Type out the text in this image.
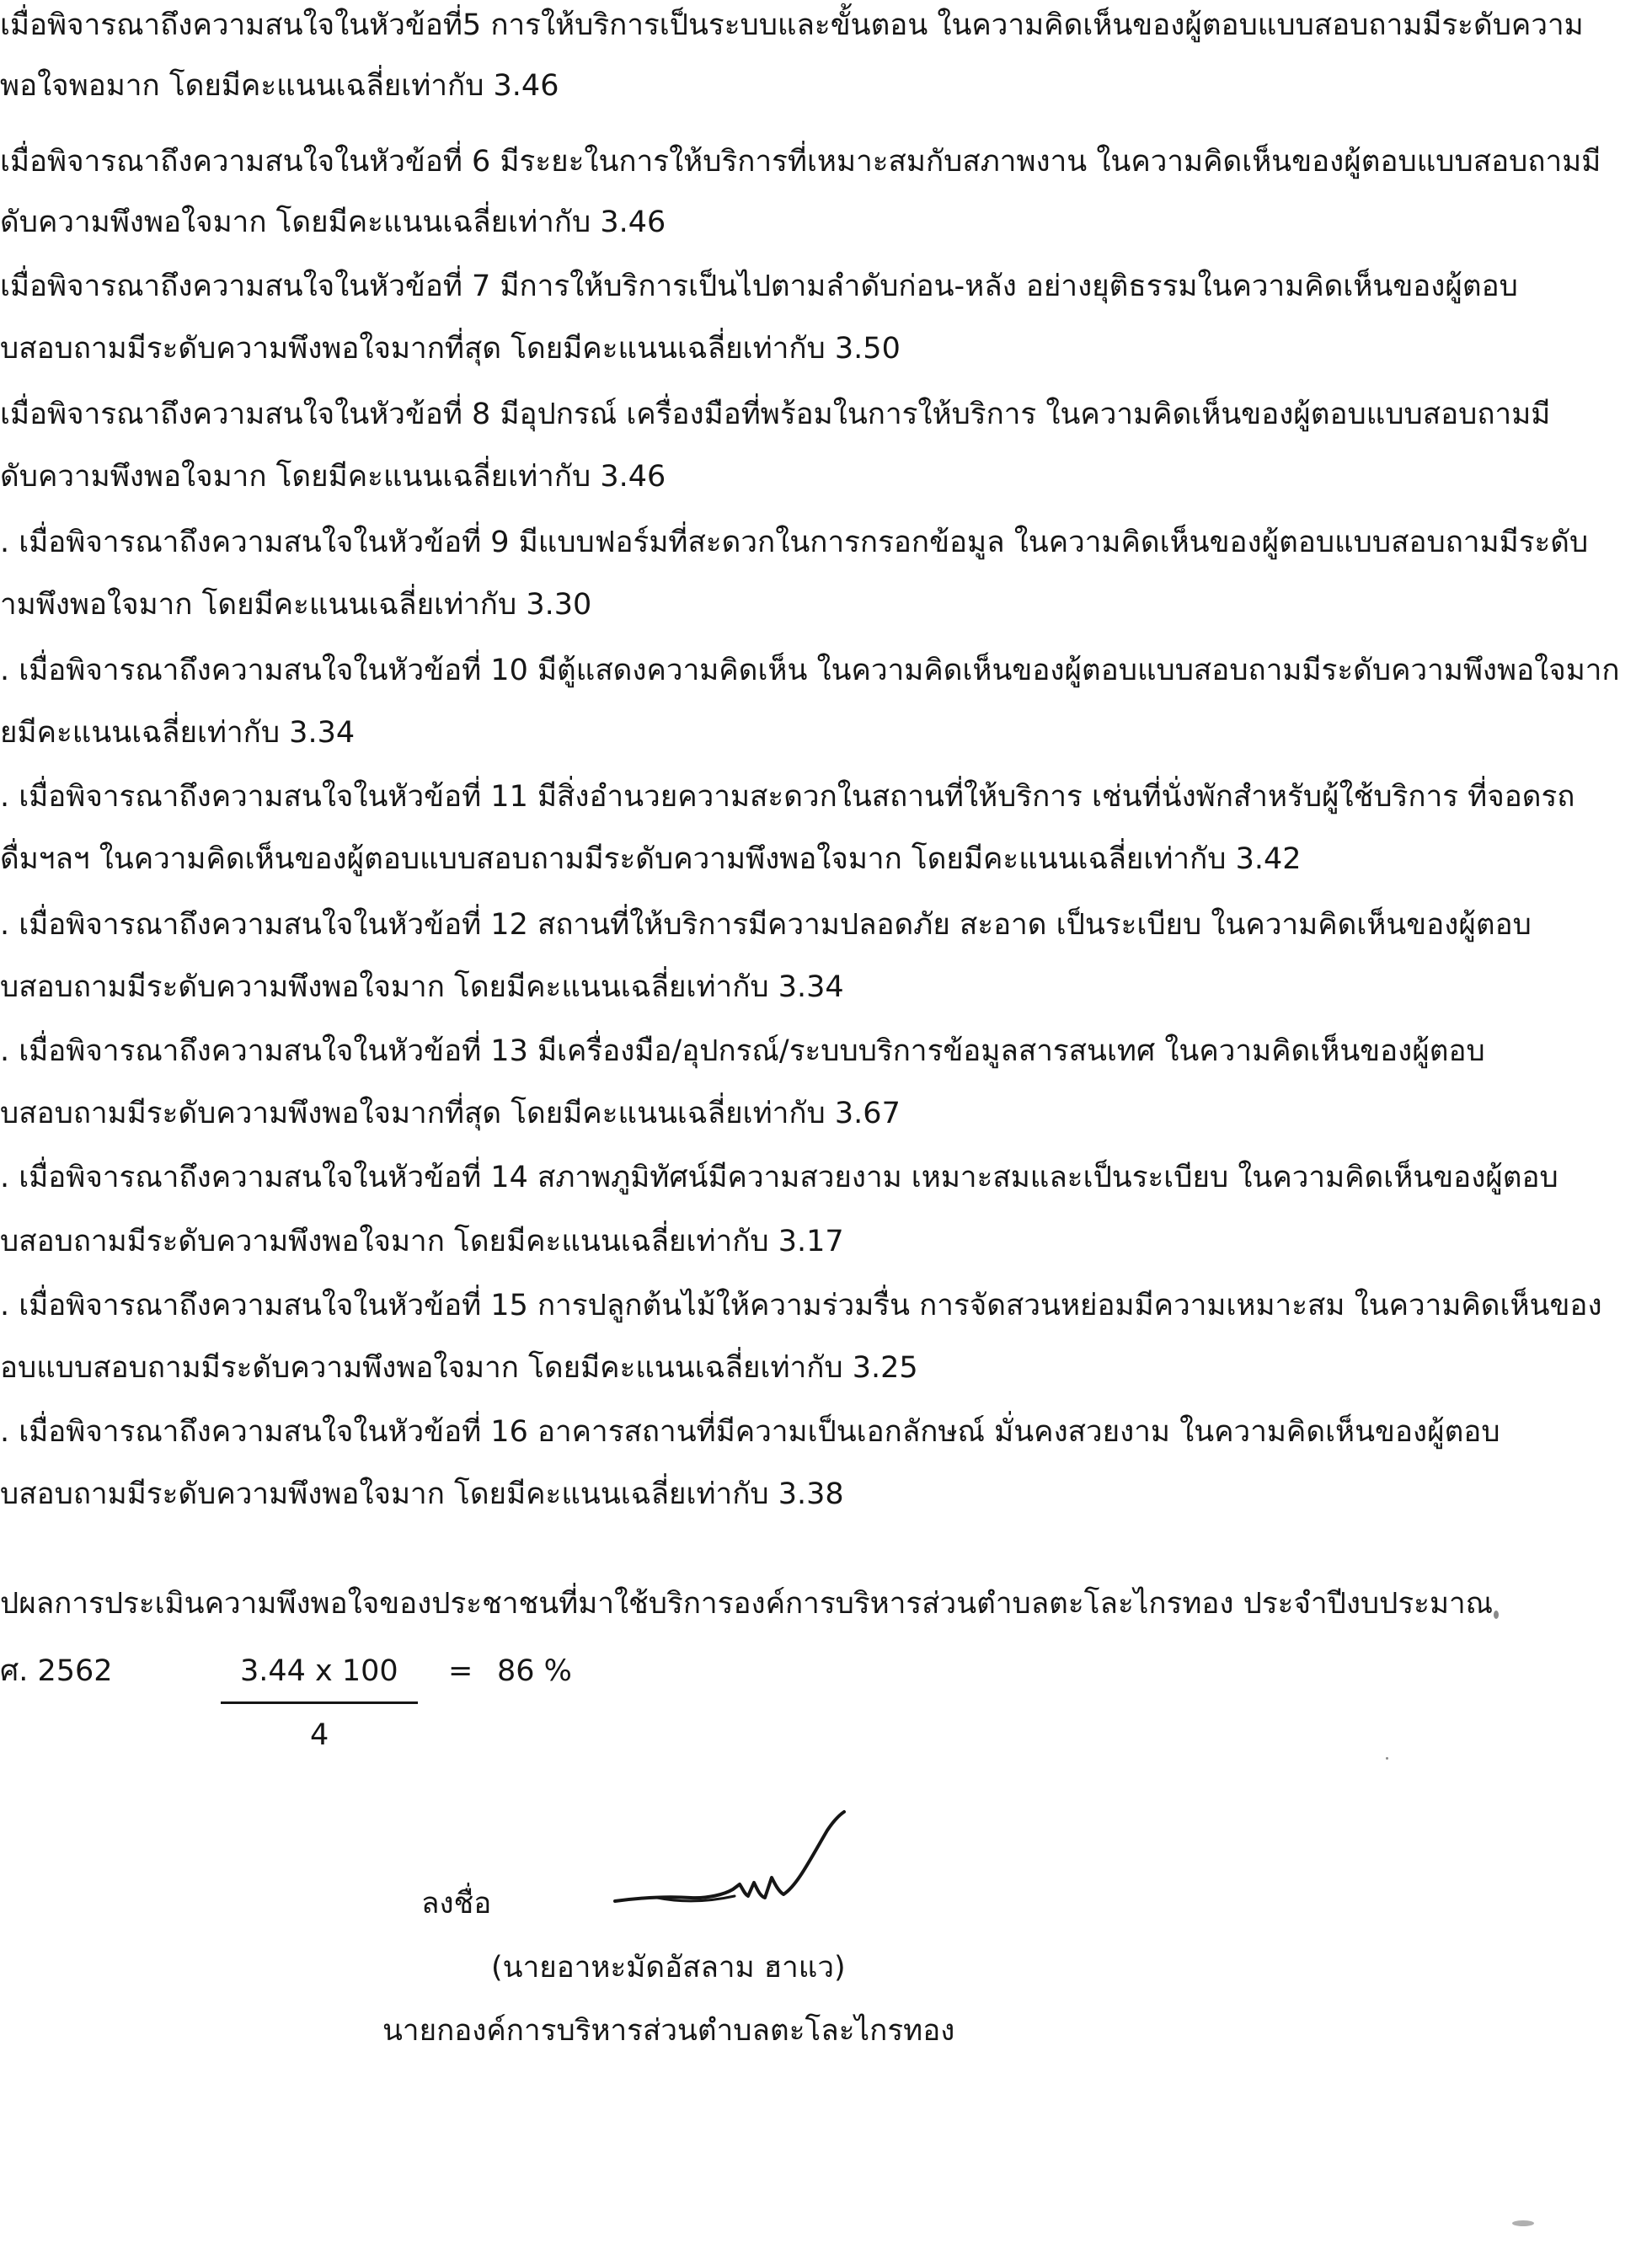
เมื่อพิจารณาถึงความสนใจในหัวข้อที่5 การให้บริการเป็นระบบและขั้นตอน ในความคิดเห็นของผู้ตอบแบบสอบถามมีระดับความ
พอใจพอมาก โดยมีคะแนนเฉลี่ยเท่ากับ 3.46
เมื่อพิจารณาถึงความสนใจในหัวข้อที่ 6 มีระยะในการให้บริการที่เหมาะสมกับสภาพงาน ในความคิดเห็นของผู้ตอบแบบสอบถามมี
ดับความพึงพอใจมาก โดยมีคะแนนเฉลี่ยเท่ากับ 3.46
เมื่อพิจารณาถึงความสนใจในหัวข้อที่ 7 มีการให้บริการเป็นไปตามลำดับก่อน-หลัง อย่างยุติธรรมในความคิดเห็นของผู้ตอบ
บสอบถามมีระดับความพึงพอใจมากที่สุด โดยมีคะแนนเฉลี่ยเท่ากับ 3.50
เมื่อพิจารณาถึงความสนใจในหัวข้อที่ 8 มีอุปกรณ์ เครื่องมือที่พร้อมในการให้บริการ ในความคิดเห็นของผู้ตอบแบบสอบถามมี
ดับความพึงพอใจมาก โดยมีคะแนนเฉลี่ยเท่ากับ 3.46
. เมื่อพิจารณาถึงความสนใจในหัวข้อที่ 9 มีแบบฟอร์มที่สะดวกในการกรอกข้อมูล ในความคิดเห็นของผู้ตอบแบบสอบถามมีระดับ
ามพึงพอใจมาก โดยมีคะแนนเฉลี่ยเท่ากับ 3.30
. เมื่อพิจารณาถึงความสนใจในหัวข้อที่ 10 มีตู้แสดงความคิดเห็น ในความคิดเห็นของผู้ตอบแบบสอบถามมีระดับความพึงพอใจมาก
ยมีคะแนนเฉลี่ยเท่ากับ 3.34
. เมื่อพิจารณาถึงความสนใจในหัวข้อที่ 11 มีสิ่งอำนวยความสะดวกในสถานที่ให้บริการ เช่นที่นั่งพักสำหรับผู้ใช้บริการ ที่จอดรถ
ดื่มฯลฯ ในความคิดเห็นของผู้ตอบแบบสอบถามมีระดับความพึงพอใจมาก โดยมีคะแนนเฉลี่ยเท่ากับ 3.42
. เมื่อพิจารณาถึงความสนใจในหัวข้อที่ 12 สถานที่ให้บริการมีความปลอดภัย สะอาด เป็นระเบียบ ในความคิดเห็นของผู้ตอบ
บสอบถามมีระดับความพึงพอใจมาก โดยมีคะแนนเฉลี่ยเท่ากับ 3.34
. เมื่อพิจารณาถึงความสนใจในหัวข้อที่ 13 มีเครื่องมือ/อุปกรณ์/ระบบบริการข้อมูลสารสนเทศ ในความคิดเห็นของผู้ตอบ
บสอบถามมีระดับความพึงพอใจมากที่สุด โดยมีคะแนนเฉลี่ยเท่ากับ 3.67
. เมื่อพิจารณาถึงความสนใจในหัวข้อที่ 14 สภาพภูมิทัศน์มีความสวยงาม เหมาะสมและเป็นระเบียบ ในความคิดเห็นของผู้ตอบ
บสอบถามมีระดับความพึงพอใจมาก โดยมีคะแนนเฉลี่ยเท่ากับ 3.17
. เมื่อพิจารณาถึงความสนใจในหัวข้อที่ 15 การปลูกต้นไม้ให้ความร่วมรื่น การจัดสวนหย่อมมีความเหมาะสม ในความคิดเห็นของ
อบแบบสอบถามมีระดับความพึงพอใจมาก โดยมีคะแนนเฉลี่ยเท่ากับ 3.25
. เมื่อพิจารณาถึงความสนใจในหัวข้อที่ 16 อาคารสถานที่มีความเป็นเอกลักษณ์ มั่นคงสวยงาม ในความคิดเห็นของผู้ตอบ
บสอบถามมีระดับความพึงพอใจมาก โดยมีคะแนนเฉลี่ยเท่ากับ 3.38
ปผลการประเมินความพึงพอใจของประชาชนที่มาใช้บริการองค์การบริหารส่วนตำบลตะโละไกรทอง ประจำปีงบประมาณ
ศ. 2562	3.44 x 100 = 86 %
4
ลงชื่อ
(นายอาหะมัดอัสลาม ฮาแว)
นายกองค์การบริหารส่วนตำบลตะโละไกรทอง
